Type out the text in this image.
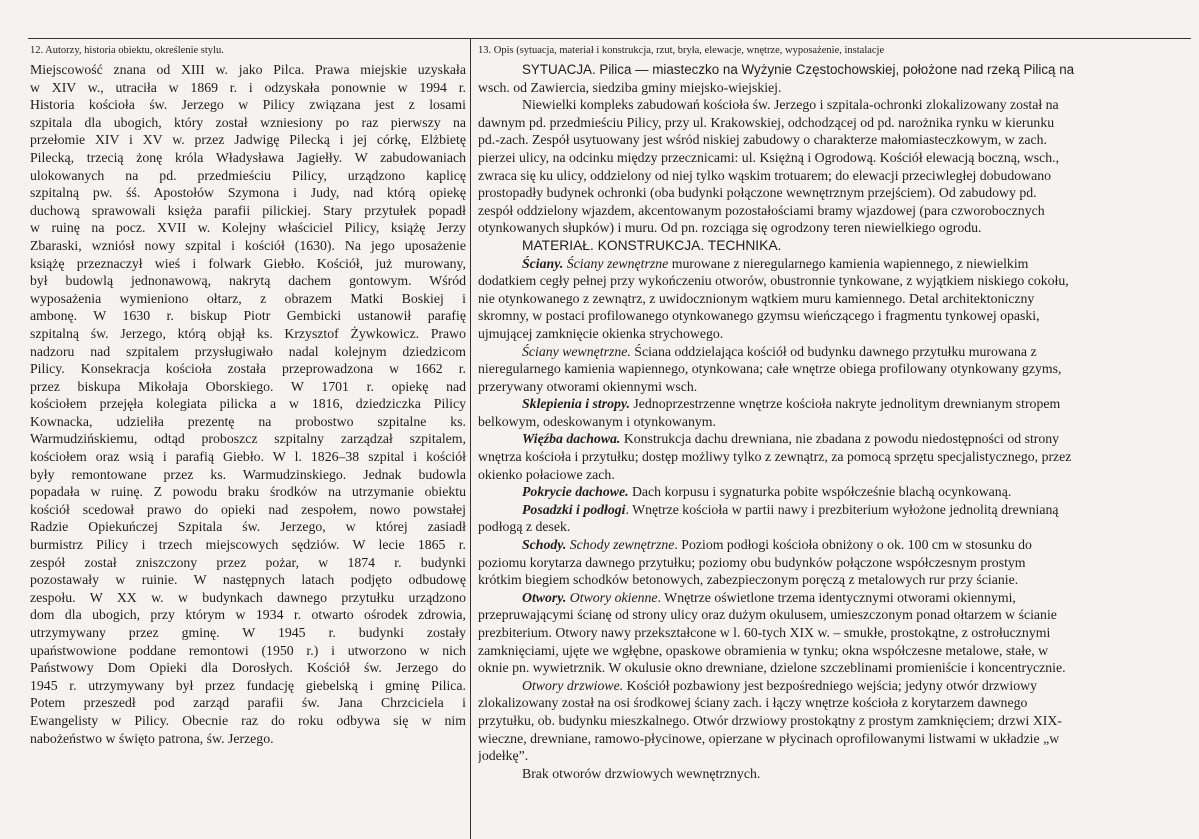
12. Autorzy, historia obiektu, określenie stylu.

Miejscowość znana od XIII w. jako Pilca. Prawa miejskie uzyskała

w XIV w., utraciła w 1869 r. i odzyskała ponownie w 1994 r.

Historia kościoła św. Jerzego w Pilicy związana jest z losami

szpitala dla ubogich, który został wzniesiony po raz pierwszy na

przełomie XIV i XV w. przez Jadwigę Pilecką i jej córkę, Elżbietę

Pilecką, trzecią żonę króla Władysława Jagiełły. W zabudowaniach

ulokowanych na pd. przedmieściu Pilicy, urządzono kaplicę

szpitalną pw. śś. Apostołów Szymona i Judy, nad którą opiekę

duchową sprawowali księża parafii pilickiej. Stary przytułek popadł

w ruinę na pocz. XVII w. Kolejny właściciel Pilicy, książę Jerzy

Zbaraski, wzniósł nowy szpital i kościół (1630). Na jego uposażenie

książę przeznaczył wieś i folwark Giebło. Kościół, już murowany,

był budowlą jednonawową, nakrytą dachem gontowym. Wśród

wyposażenia wymieniono ołtarz, z obrazem Matki Boskiej i

ambonę. W 1630 r. biskup Piotr Gembicki ustanowił parafię

szpitalną św. Jerzego, którą objął ks. Krzysztof Żywkowicz. Prawo

nadzoru nad szpitalem przysługiwało nadal kolejnym dziedzicom

Pilicy. Konsekracja kościoła została przeprowadzona w 1662 r.

przez biskupa Mikołaja Oborskiego. W 1701 r. opiekę nad

kościołem przejęła kolegiata pilicka a w 1816, dziedziczka Pilicy

Kownacka, udzieliła prezentę na probostwo szpitalne ks.

Warmudzińskiemu, odtąd proboszcz szpitalny zarządzał szpitalem,

kościołem oraz wsią i parafią Giebło. W l. 1826–38 szpital i kościół

były remontowane przez ks. Warmudzinskiego. Jednak budowla

popadała w ruinę. Z powodu braku środków na utrzymanie obiektu

kościół scedował prawo do opieki nad zespołem, nowo powstałej

Radzie Opiekuńczej Szpitala św. Jerzego, w której zasiadł

burmistrz Pilicy i trzech miejscowych sędziów. W lecie 1865 r.

zespół został zniszczony przez pożar, w 1874 r. budynki

pozostawały w ruinie. W następnych latach podjęto odbudowę

zespołu. W XX w. w budynkach dawnego przytułku urządzono

dom dla ubogich, przy którym w 1934 r. otwarto ośrodek zdrowia,

utrzymywany przez gminę. W 1945 r. budynki zostały

upaństwowione poddane remontowi (1950 r.) i utworzono w nich

Państwowy Dom Opieki dla Dorosłych. Kościół św. Jerzego do

1945 r. utrzymywany był przez fundację giebelską i gminę Pilica.

Potem przeszedł pod zarząd parafii św. Jana Chrzciciela i

Ewangelisty w Pilicy. Obecnie raz do roku odbywa się w nim

nabożeństwo w święto patrona, św. Jerzego.

13. Opis (sytuacja, materiał i konstrukcja, rzut, bryła, elewacje, wnętrze, wyposażenie, instalacje
SYTUACJA. Pilica — miasteczko na Wyżynie Częstochowskiej, położone nad rzeką Pilicą na
wsch. od Zawiercia, siedziba gminy miejsko-wiejskiej.
Niewielki kompleks zabudowań kościoła św. Jerzego i szpitala-ochronki zlokalizowany został na
dawnym pd. przedmieściu Pilicy, przy ul. Krakowskiej, odchodzącej od pd. narożnika rynku w kierunku
pd.-zach. Zespół usytuowany jest wśród niskiej zabudowy o charakterze małomiasteczkowym, w zach.
pierzei ulicy, na odcinku między przecznicami: ul. Księżną i Ogrodową. Kościół elewacją boczną, wsch.,
zwraca się ku ulicy, oddzielony od niej tylko wąskim trotuarem; do elewacji przeciwległej dobudowano
prostopadły budynek ochronki (oba budynki połączone wewnętrznym przejściem). Od zabudowy pd.
zespół oddzielony wjazdem, akcentowanym pozostałościami bramy wjazdowej (para czworobocznych
otynkowanych słupków) i muru. Od pn. rozciąga się ogrodzony teren niewielkiego ogrodu.
MATERIAŁ. KONSTRUKCJA. TECHNIKA.
Ściany. Ściany zewnętrzne murowane z nieregularnego kamienia wapiennego, z niewielkim
dodatkiem cegły pełnej przy wykończeniu otworów, obustronnie tynkowane, z wyjątkiem niskiego cokołu,
nie otynkowanego z zewnątrz, z uwidocznionym wątkiem muru kamiennego. Detal architektoniczny
skromny, w postaci profilowanego otynkowanego gzymsu wieńczącego i fragmentu tynkowej opaski,
ujmującej zamknięcie okienka strychowego.
Ściany wewnętrzne. Ściana oddzielająca kościół od budynku dawnego przytułku murowana z
nieregularnego kamienia wapiennego, otynkowana; całe wnętrze obiega profilowany otynkowany gzyms,
przerywany otworami okiennymi wsch.
Sklepienia i stropy. Jednoprzestrzenne wnętrze kościoła nakryte jednolitym drewnianym stropem
belkowym, odeskowanym i otynkowanym.
Więźba dachowa. Konstrukcja dachu drewniana, nie zbadana z powodu niedostępności od strony
wnętrza kościoła i przytułku; dostęp możliwy tylko z zewnątrz, za pomocą sprzętu specjalistycznego, przez
okienko połaciowe zach.
Pokrycie dachowe. Dach korpusu i sygnaturka pobite współcześnie blachą ocynkowaną.
Posadzki i podłogi. Wnętrze kościoła w partii nawy i prezbiterium wyłożone jednolitą drewnianą
podłogą z desek.
Schody. Schody zewnętrzne. Poziom podłogi kościoła obniżony o ok. 100 cm w stosunku do
poziomu korytarza dawnego przytułku; poziomy obu budynków połączone współczesnym prostym
krótkim biegiem schodków betonowych, zabezpieczonym poręczą z metalowych rur przy ścianie.
Otwory. Otwory okienne. Wnętrze oświetlone trzema identycznymi otworami okiennymi,
przepruwającymi ścianę od strony ulicy oraz dużym okulusem, umieszczonym ponad ołtarzem w ścianie
prezbiterium. Otwory nawy przekształcone w l. 60-tych XIX w. – smukłe, prostokątne, z ostrołucznymi
zamknięciami, ujęte we wgłębne, opaskowe obramienia w tynku; okna współczesne metalowe, stałe, w
oknie pn. wywietrznik. W okulusie okno drewniane, dzielone szczeblinami promieniście i koncentrycznie.
Otwory drzwiowe. Kościół pozbawiony jest bezpośredniego wejścia; jedyny otwór drzwiowy
zlokalizowany został na osi środkowej ściany zach. i łączy wnętrze kościoła z korytarzem dawnego
przytułku, ob. budynku mieszkalnego. Otwór drzwiowy prostokątny z prostym zamknięciem; drzwi XIX-
wieczne, drewniane, ramowo-płycinowe, opierzane w płycinach oprofilowanymi listwami w układzie „w
jodełkę”.
Brak otworów drzwiowych wewnętrznych.
